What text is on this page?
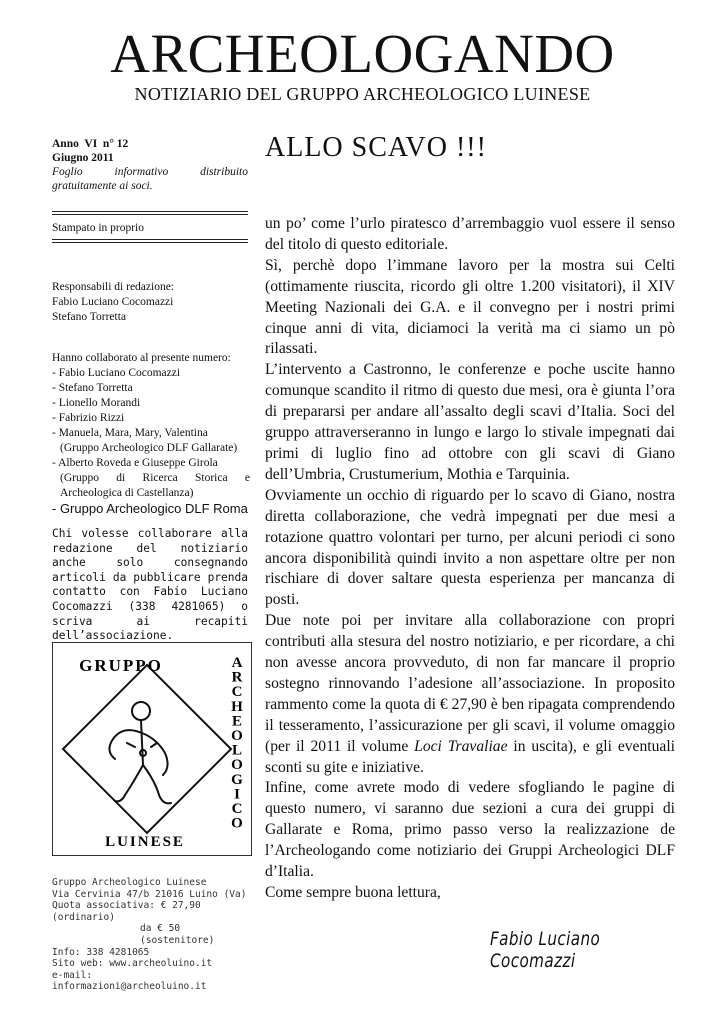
ARCHEOLOGANDO
NOTIZIARIO DEL GRUPPO ARCHEOLOGICO LUINESE
Anno  VI  n° 12
Giugno 2011
Foglio informativo distribuito
gratuitamente ai soci.
Stampato in proprio
Responsabili di redazione:
Fabio Luciano Cocomazzi
Stefano Torretta
Hanno collaborato al presente numero:
- Fabio Luciano Cocomazzi
- Stefano Torretta
- Lionello Morandi
- Fabrizio Rizzi
- Manuela, Mara, Mary, Valentina
(Gruppo Archeologico DLF Gallarate)
- Alberto Roveda e Giuseppe Girola
(Gruppo di Ricerca Storica e
Archeologica di Castellanza)
- Gruppo Archeologico DLF Roma
Chi volesse collaborare alla redazione del notiziario anche solo consegnando articoli da pubblicare prenda contatto con Fabio Luciano Cocomazzi (338 4281065) o scriva ai recapiti dell’associazione.
GRUPPO
LUINESE
A R C H E O L O G I C O
Gruppo Archeologico Luinese
Via Cervinia 47/b 21016 Luino (Va)
Quota associativa: € 27,90 (ordinario)
da € 50 (sostenitore)
Info: 338 4281065
Sito web: www.archeoluino.it
e-mail: informazioni@archeoluino.it
ALLO SCAVO !!!

un po’ come l’urlo piratesco d’arrembaggio vuol essere il senso del titolo di questo editoriale.

Sì, perchè dopo l’immane lavoro per la mostra sui Celti (ottimamente riuscita, ricordo gli oltre 1.200 visitatori), il XIV Meeting Nazionali dei G.A. e il convegno per i nostri primi cinque anni di vita, diciamoci la verità ma ci siamo un pò rilassati.

L’intervento a Castronno, le conferenze e poche uscite hanno comunque scandito il ritmo di questo due mesi, ora è giunta l’ora di prepararsi per andare all’assalto degli scavi d’Italia. Soci del gruppo attraverseranno in lungo e largo lo stivale impegnati dai primi di luglio fino ad ottobre con gli scavi di Giano dell’Umbria, Crustumerium, Mothia e Tarquinia.

Ovviamente un occhio di riguardo per lo scavo di Giano, nostra diretta collaborazione, che vedrà impegnati per due mesi a rotazione quattro volontari per turno, per alcuni periodi ci sono ancora disponibilità quindi invito a non aspettare oltre per non rischiare di dover saltare questa esperienza per mancanza di posti.

Due note poi per invitare alla collaborazione con propri contributi alla stesura del nostro notiziario, e per ricordare, a chi non avesse ancora provveduto, di non far mancare il proprio sostegno rinnovando l’adesione all’associazione. In proposito rammento come la quota di € 27,90 è ben ripagata comprendendo il tesseramento, l’assicurazione per gli scavi, il volume omaggio (per il 2011 il volume Loci Travaliae in uscita), e gli eventuali sconti su gite e iniziative.

Infine, come avrete modo di vedere sfogliando le pagine di questo numero, vi saranno due sezioni a cura dei gruppi di Gallarate e Roma, primo passo verso la realizzazione de l’Archeologando come notiziario dei Gruppi Archeologici DLF d’Italia.

Come sempre buona lettura,

Fabio Luciano Cocomazzi
